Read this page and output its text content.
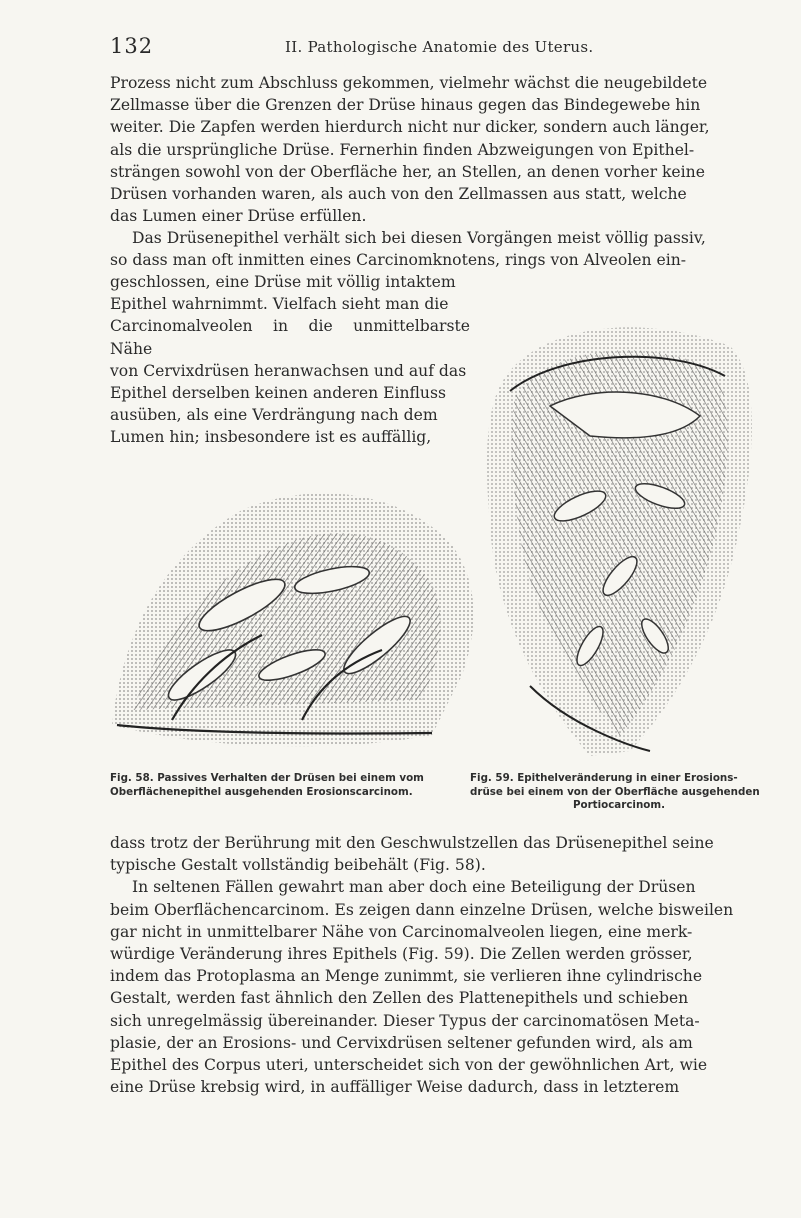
132	II. Pathologische Anatomie des Uterus.

Prozess nicht zum Abschluss gekommen, vielmehr wächst die neugebildete

Zellmasse über die Grenzen der Drüse hinaus gegen das Bindegewebe hin

weiter. Die Zapfen werden hierdurch nicht nur dicker, sondern auch länger,

als die ursprüngliche Drüse. Fernerhin finden Abzweigungen von Epithel-

strängen sowohl von der Oberfläche her, an Stellen, an denen vorher keine

Drüsen vorhanden waren, als auch von den Zellmassen aus statt, welche

das Lumen einer Drüse erfüllen.

Das Drüsenepithel verhält sich bei diesen Vorgängen meist völlig passiv,

so dass man oft inmitten eines Carcinomknotens, rings von Alveolen ein-

geschlossen, eine Drüse mit völlig intaktem

Epithel wahrnimmt. Vielfach sieht man die

Carcinomalveolen in die unmittelbarste Nähe

von Cervixdrüsen heranwachsen und auf das

Epithel derselben keinen anderen Einfluss

ausüben, als eine Verdrängung nach dem

Lumen hin; insbesondere ist es auffällig,

Fig. 58. Passives Verhalten der Drüsen bei einem vom

Oberflächenepithel ausgehenden Erosionscarcinom.

Fig. 59. Epithelveränderung in einer Erosions-

drüse bei einem von der Oberfläche ausgehenden

Portiocarcinom.

dass trotz der Berührung mit den Geschwulstzellen das Drüsenepithel seine

typische Gestalt vollständig beibehält (Fig. 58).

In seltenen Fällen gewahrt man aber doch eine Beteiligung der Drüsen

beim Oberflächencarcinom. Es zeigen dann einzelne Drüsen, welche bisweilen

gar nicht in unmittelbarer Nähe von Carcinomalveolen liegen, eine merk-

würdige Veränderung ihres Epithels (Fig. 59). Die Zellen werden grösser,

indem das Protoplasma an Menge zunimmt, sie verlieren ihne cylindrische

Gestalt, werden fast ähnlich den Zellen des Plattenepithels und schieben

sich unregelmässig übereinander. Dieser Typus der carcinomatösen Meta-

plasie, der an Erosions- und Cervixdrüsen seltener gefunden wird, als am

Epithel des Corpus uteri, unterscheidet sich von der gewöhnlichen Art, wie

eine Drüse krebsig wird, in auffälliger Weise dadurch, dass in letzterem
